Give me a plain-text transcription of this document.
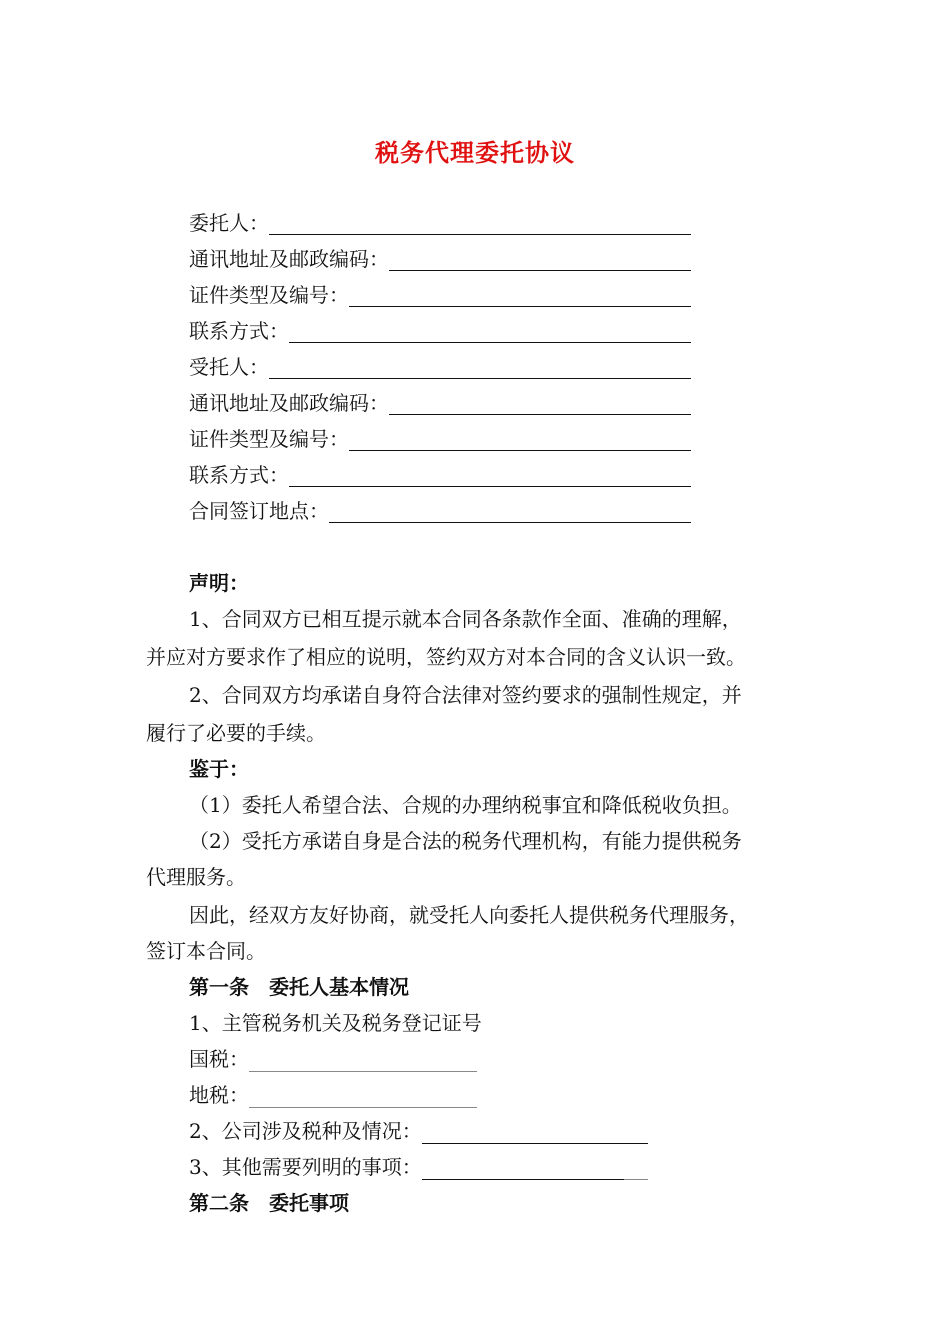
税务代理委托协议
委托人：
通讯地址及邮政编码：
证件类型及编号：
联系方式：
受托人：
通讯地址及邮政编码：
证件类型及编号：
联系方式：
合同签订地点：
声明：
1、合同双方已相互提示就本合同各条款作全面、准确的理解，
并应对方要求作了相应的说明，签约双方对本合同的含义认识一致。
2、合同双方均承诺自身符合法律对签约要求的强制性规定，并
履行了必要的手续。
鉴于：
（1）委托人希望合法、合规的办理纳税事宜和降低税收负担。
（2）受托方承诺自身是合法的税务代理机构，有能力提供税务
代理服务。
因此，经双方友好协商，就受托人向委托人提供税务代理服务，
签订本合同。
第一条　委托人基本情况
1、主管税务机关及税务登记证号
国税：
地税：
2、公司涉及税种及情况：
3、其他需要列明的事项：
第二条　委托事项
